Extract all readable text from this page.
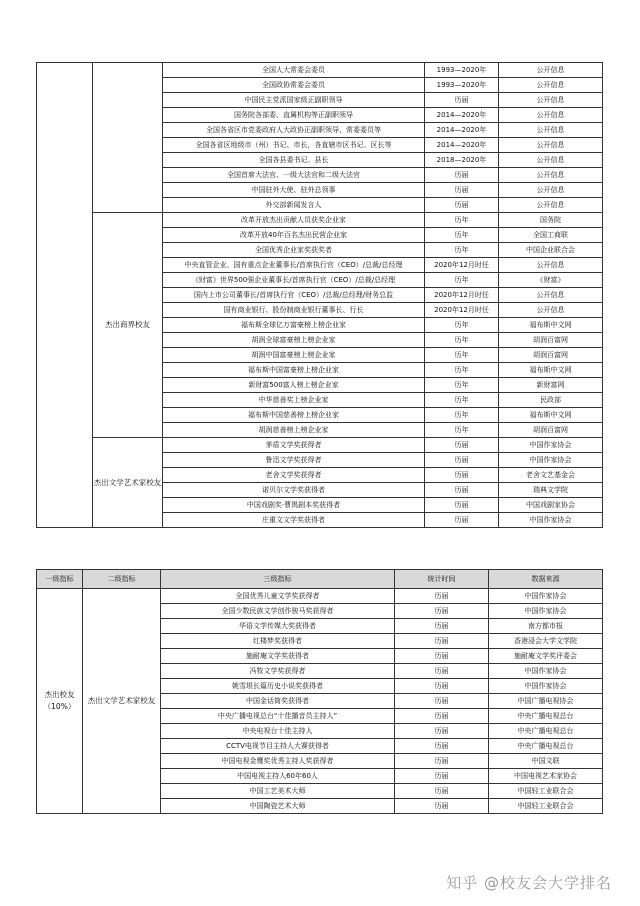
		全国人大常委会委员	1993—2020年	公开信息
		全国政协常委会委员	1993—2020年	公开信息
		中国民主党派国家级正副职领导	历届	公开信息
		国务院各部委、直属机构等正副职领导	2014—2020年	公开信息
		全国各省区市党委政府人大政协正副职领导、常委委员等	2014—2020年	公开信息
		全国各省区地级市（州）书记、市长，各直辖市区书记、区长等	2014—2020年	公开信息
		全国各县委书记、县长	2018—2020年	公开信息
		全国首席大法官、一级大法官和二级大法官	历届	公开信息
		中国驻外大使、驻外总领事	历届	公开信息
		外交部新闻发言人	历届	公开信息
	杰出商界校友	改革开放杰出贡献人员获奖企业家	历年	国务院
		改革开放40年百名杰出民营企业家	历年	全国工商联
		全国优秀企业家奖获奖者	历年	中国企业联合会
		中央直管企业、国有重点企业董事长/首席执行官（CEO）/总裁/总经理	2020年12月时任	公开信息
		《财富》世界500强企业董事长/首席执行官（CEO）/总裁/总经理	历年	《财富》
		国内上市公司董事长/首席执行官（CEO）/总裁/总经理/财务总监	2020年12月时任	公开信息
		国有商业银行、股份制商业银行董事长、行长	2020年12月时任	公开信息
		福布斯全球亿万富豪榜上榜企业家	历年	福布斯中文网
		胡润全球富豪榜上榜企业家	历年	胡润百富网
		胡润中国富豪榜上榜企业家	历年	胡润百富网
		福布斯中国富豪榜上榜企业家	历年	福布斯中文网
		新财富500富人榜上榜企业家	历年	新财富网
		中华慈善奖上榜企业家	历年	民政部
		福布斯中国慈善榜上榜企业家	历年	福布斯中文网
		胡润慈善榜上榜企业家	历年	胡润百富网
	杰出文学艺术家校友	茅盾文学奖获得者	历届	中国作家协会
		鲁迅文学奖获得者	历届	中国作家协会
		老舍文学奖获得者	历届	老舍文艺基金会
		诺贝尔文学奖获得者	历届	瑞典文学院
		中国戏剧奖·曹禺剧本奖获得者	历届	中国戏剧家协会
		庄重文文学奖获得者	历届	中国作家协会
一级指标	二级指标	三级指标	统计时间	数据来源
杰出校友（10%）	杰出文学艺术家校友	全国优秀儿童文学奖获得者	历届	中国作家协会
		全国少数民族文学创作骏马奖获得者	历届	中国作家协会
		华语文学传媒大奖获得者	历届	南方都市报
		红楼梦奖获得者	历届	香港浸会大学文学院
		施耐庵文学奖获得者	历届	施耐庵文学奖评委会
		冯牧文学奖获得者	历届	中国作家协会
		姚雪垠长篇历史小说奖获得者	历届	中国作家协会
		中国金话筒奖获得者	历届	中国广播电视协会
		中央广播电视总台“十佳播音员主持人”	历届	中央广播电视总台
		中央电视台十佳主持人	历届	中央广播电视总台
		CCTV电视节目主持人大赛获得者	历届	中央广播电视总台
		中国电视金鹰奖优秀主持人奖获得者	历届	中国文联
		中国电视主持人60年60人	历届	中国电视艺术家协会
		中国工艺美术大师	历届	中国轻工业联合会
		中国陶瓷艺术大师	历届	中国轻工业联合会
知乎 @校友会大学排名
